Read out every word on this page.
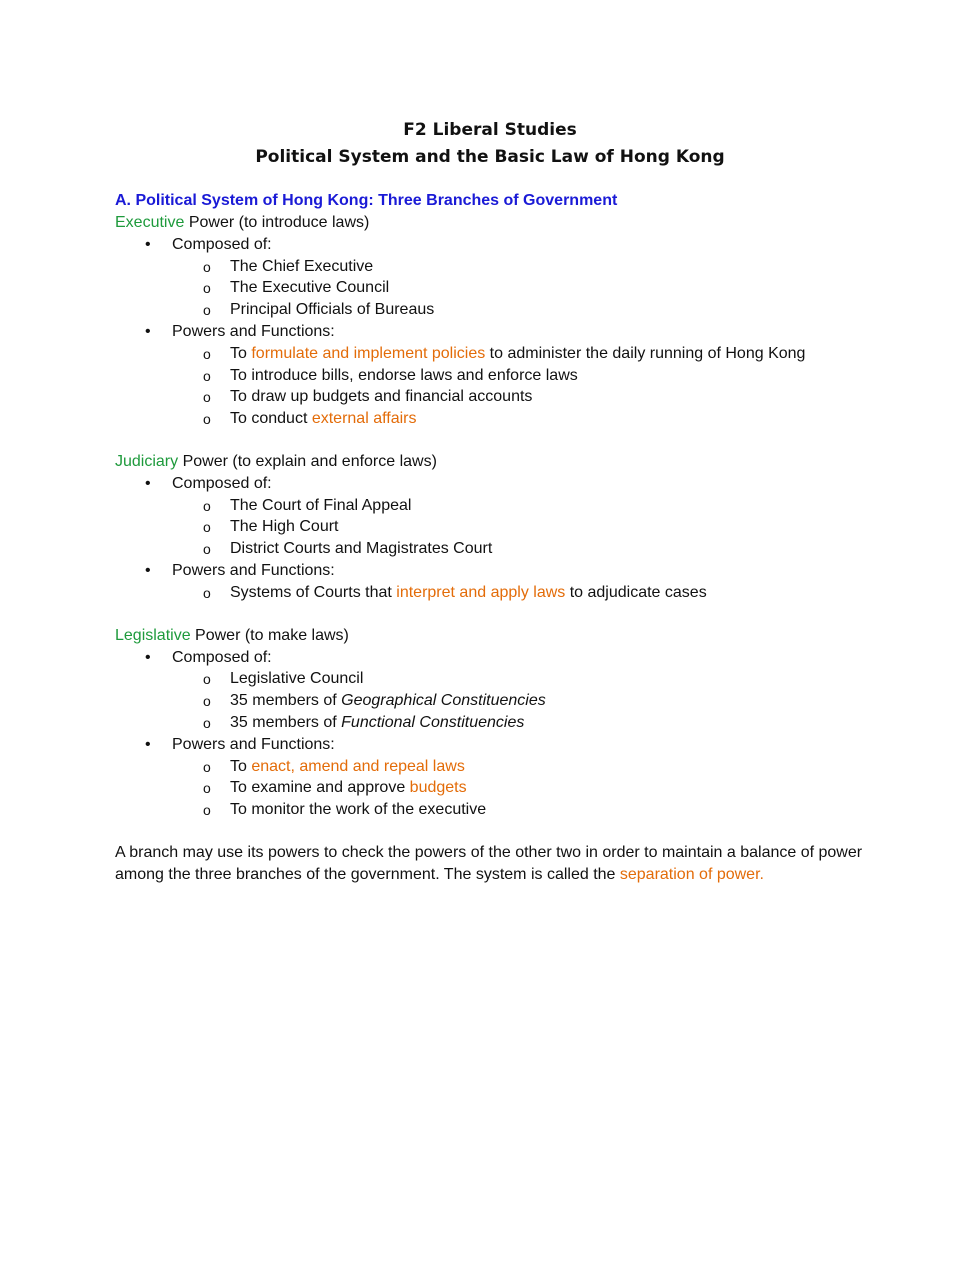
F2 Liberal Studies
Political System and the Basic Law of Hong Kong
A. Political System of Hong Kong: Three Branches of Government
Executive Power (to introduce laws)
• Composed of:
o The Chief Executive
o The Executive Council
o Principal Officials of Bureaus
• Powers and Functions:
o To formulate and implement policies to administer the daily running of Hong Kong
o To introduce bills, endorse laws and enforce laws
o To draw up budgets and financial accounts
o To conduct external affairs
Judiciary Power (to explain and enforce laws)
• Composed of:
o The Court of Final Appeal
o The High Court
o District Courts and Magistrates Court
• Powers and Functions:
o Systems of Courts that interpret and apply laws to adjudicate cases
Legislative Power (to make laws)
• Composed of:
o Legislative Council
o 35 members of Geographical Constituencies
o 35 members of Functional Constituencies
• Powers and Functions:
o To enact, amend and repeal laws
o To examine and approve budgets
o To monitor the work of the executive
A branch may use its powers to check the powers of the other two in order to maintain a balance of power among the three branches of the government. The system is called the separation of power.
